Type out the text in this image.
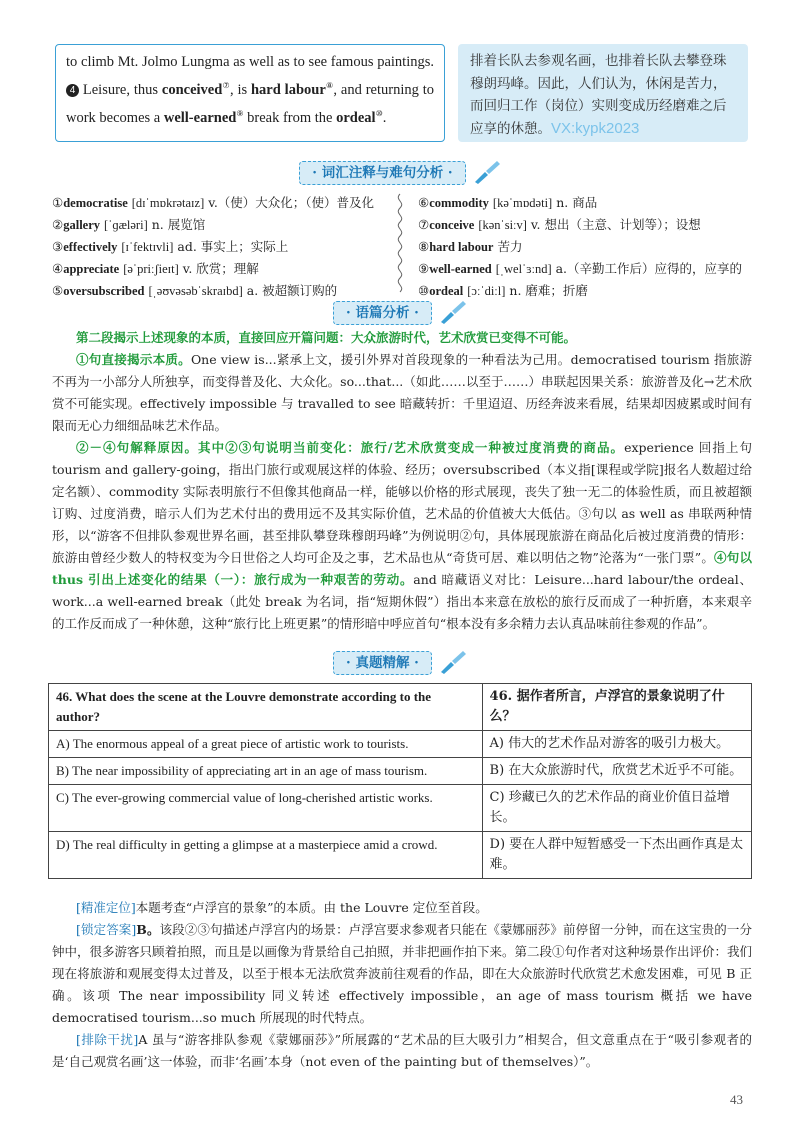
to climb Mt. Jolmo Lungma as well as to see famous paintings. 4 Leisure, thus conceived⑦, is hard labour⑧, and returning to work becomes a well-earned⑨ break from the ordeal⑩.
排着长队去参观名画，也排着长队去攀登珠穆朗玛峰。因此，人们认为，休闲是苦力，而回归工作（岗位）实则变成历经磨难之后应享的休憩。VX:kypk2023
· 词汇注释与难句分析 ·
①democratise [dɪˈmɒkrətaɪz] v.（使）大众化；（使）普及化
②gallery [ˈɡæləri] n. 展览馆
③effectively [ɪˈfektɪvli] ad. 事实上；实际上
④appreciate [əˈpriːʃieɪt] v. 欣赏；理解
⑤oversubscribed [ˌəʊvəsəbˈskraɪbd] a. 被超额订购的
⑥commodity [kəˈmɒdəti] n. 商品
⑦conceive [kənˈsiːv] v. 想出（主意、计划等）；设想
⑧hard labour 苦力
⑨well-earned [ˌwelˈɜːnd] a.（辛勤工作后）应得的，应享的
⑩ordeal [ɔːˈdiːl] n. 磨难；折磨
· 语篇分析 ·
第二段揭示上述现象的本质，直接回应开篇问题：大众旅游时代，艺术欣赏已变得不可能。
①句直接揭示本质。One view is...紧承上文，援引外界对首段现象的一种看法为己用。democratised tourism 指旅游不再为一小部分人所独享，而变得普及化、大众化。so...that...（如此……以至于……）串联起因果关系：旅游普及化→艺术欣赏不可能实现。effectively impossible 与 travalled to see 暗藏转折：千里迢迢、历经奔波来看展，结果却因疲累或时间有限而无心力细细品味艺术作品。
②－④句解释原因。其中②③句说明当前变化：旅行/艺术欣赏变成一种被过度消费的商品。experience 回指上句 tourism and gallery-going，指出门旅行或观展这样的体验、经历；oversubscribed（本义指[课程或学院]报名人数超过给定名额）、commodity 实际表明旅行不但像其他商品一样，能够以价格的形式展现，丧失了独一无二的体验性质，而且被超额订购、过度消费，暗示人们为艺术付出的费用远不及其实际价值，艺术品的价值被大大低估。③句以 as well as 串联两种情形，以“游客不但排队参观世界名画，甚至排队攀登珠穆朗玛峰”为例说明②句，具体展现旅游在商品化后被过度消费的情形：旅游由曾经少数人的特权变为今日世俗之人均可企及之事，艺术品也从“奇货可居、难以明估之物”沦落为“一张门票”。④句以 thus 引出上述变化的结果（一）：旅行成为一种艰苦的劳动。and 暗藏语义对比：Leisure...hard labour/the ordeal、work...a well-earned break（此处 break 为名词，指“短期休假”）指出本来意在放松的旅行反而成了一种折磨，本来艰辛的工作反而成了一种休憩，这种“旅行比上班更累”的情形暗中呼应首句“根本没有多余精力去认真品味前往参观的作品”。
· 真题精解 ·
46. What does the scene at the Louvre demonstrate according to the author?	46. 据作者所言，卢浮宫的景象说明了什么？
A) The enormous appeal of a great piece of artistic work to tourists.	A) 伟大的艺术作品对游客的吸引力极大。
B) The near impossibility of appreciating art in an age of mass tourism.	B) 在大众旅游时代，欣赏艺术近乎不可能。
C) The ever-growing commercial value of long-cherished artistic works.	C) 珍藏已久的艺术作品的商业价值日益增长。
D) The real difficulty in getting a glimpse at a masterpiece amid a crowd.	D) 要在人群中短暂感受一下杰出画作真是太难。
[精准定位]本题考查“卢浮宫的景象”的本质。由 the Louvre 定位至首段。
[锁定答案]B。该段②③句描述卢浮宫内的场景：卢浮宫要求参观者只能在《蒙娜丽莎》前停留一分钟，而在这宝贵的一分钟中，很多游客只顾着拍照，而且是以画像为背景给自己拍照，并非把画作拍下来。第二段①句作者对这种场景作出评价：我们现在将旅游和观展变得太过普及，以至于根本无法欣赏奔波前往观看的作品，即在大众旅游时代欣赏艺术愈发困难，可见 B 正确。该项 The near impossibility 同义转述 effectively impossible，an age of mass tourism 概括 we have democratised tourism...so much 所展现的时代特点。
[排除干扰]A 虽与“游客排队参观《蒙娜丽莎》”所展露的“艺术品的巨大吸引力”相契合，但文意重点在于“吸引参观者的是‘自己观赏名画’这一体验，而非‘名画’本身（not even of the painting but of themselves）”。
43
